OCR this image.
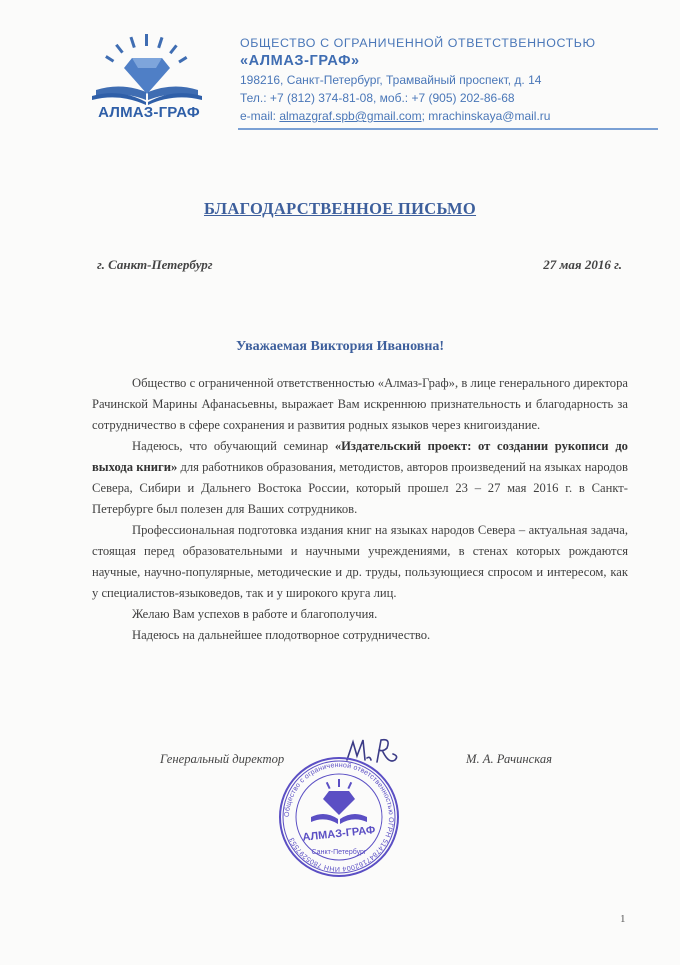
АЛМАЗ-ГРАФ
ОБЩЕСТВО С ОГРАНИЧЕННОЙ ОТВЕТСТВЕННОСТЬЮ
«АЛМАЗ-ГРАФ»
198216, Санкт-Петербург, Трамвайный проспект, д. 14
Тел.: +7 (812) 374-81-08, моб.: +7 (905) 202-86-68
e-mail: almazgraf.spb@gmail.com; mrachinskaya@mail.ru
БЛАГОДАРСТВЕННОЕ ПИСЬМО
г. Санкт-Петербург	27 мая 2016 г.
Уважаемая Виктория Ивановна!

Общество с ограниченной ответственностью «Алмаз-Граф», в лице генерального директора Рачинской Марины Афанасьевны, выражает Вам искреннюю признательность и благодарность за сотрудничество в сфере сохранения и развития родных языков через книгоиздание.

Надеюсь, что обучающий семинар «Издательский проект: от создании рукописи до выхода книги» для работников образования, методистов, авторов произведений на языках народов Севера, Сибири и Дальнего Востока России, который прошел 23 – 27 мая 2016 г. в Санкт-Петербурге был полезен для Ваших сотрудников.

Профессиональная подготовка издания книг на языках народов Севера – актуальная задача, стоящая перед образовательными и научными учреждениями, в стенах которых рождаются научные, научно-популярные, методические и др. труды, пользующиеся спросом и интересом, как у специалистов-языковедов, так и у широкого круга лиц.

Желаю Вам успехов в работе и благополучия.

Надеюсь на дальнейшее плодотворное сотрудничество.

Генеральный директор	М. А. Рачинская
Общество с ограниченной ответственностью ОГРН 5147847162004 ИНН 7805297553
Санкт-Петербург
АЛМАЗ-ГРАФ
1
